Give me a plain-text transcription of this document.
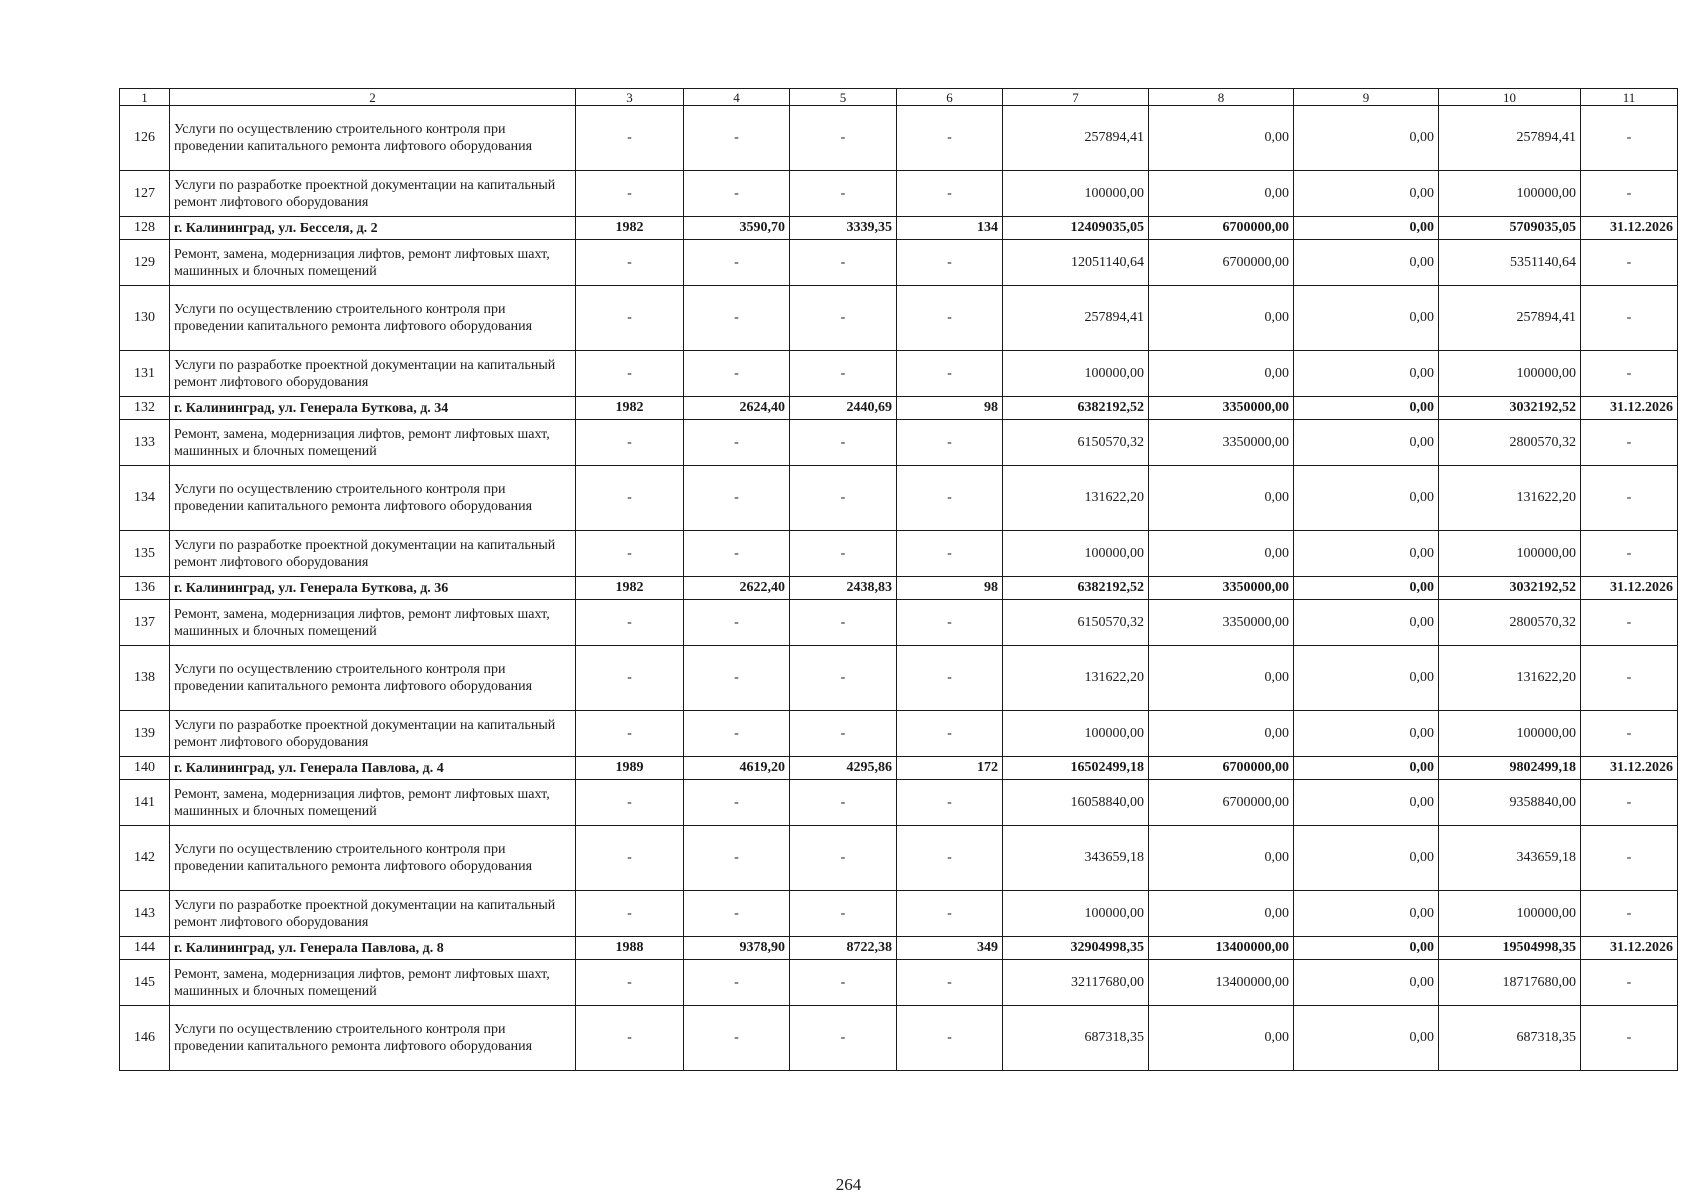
1	2	3	4	5	6	7	8	9	10	11
126	Услуги по осуществлению строительного контроля при проведении капитального ремонта лифтового оборудования	-	-	-	-	257894,41	0,00	0,00	257894,41	-
127	Услуги по разработке проектной документации на капитальный ремонт лифтового оборудования	-	-	-	-	100000,00	0,00	0,00	100000,00	-
128	г. Калининград, ул. Бесселя, д. 2	1982	3590,70	3339,35	134	12409035,05	6700000,00	0,00	5709035,05	31.12.2026
129	Ремонт, замена, модернизация лифтов, ремонт лифтовых шахт, машинных и блочных помещений	-	-	-	-	12051140,64	6700000,00	0,00	5351140,64	-
130	Услуги по осуществлению строительного контроля при проведении капитального ремонта лифтового оборудования	-	-	-	-	257894,41	0,00	0,00	257894,41	-
131	Услуги по разработке проектной документации на капитальный ремонт лифтового оборудования	-	-	-	-	100000,00	0,00	0,00	100000,00	-
132	г. Калининград, ул. Генерала Буткова, д. 34	1982	2624,40	2440,69	98	6382192,52	3350000,00	0,00	3032192,52	31.12.2026
133	Ремонт, замена, модернизация лифтов, ремонт лифтовых шахт, машинных и блочных помещений	-	-	-	-	6150570,32	3350000,00	0,00	2800570,32	-
134	Услуги по осуществлению строительного контроля при проведении капитального ремонта лифтового оборудования	-	-	-	-	131622,20	0,00	0,00	131622,20	-
135	Услуги по разработке проектной документации на капитальный ремонт лифтового оборудования	-	-	-	-	100000,00	0,00	0,00	100000,00	-
136	г. Калининград, ул. Генерала Буткова, д. 36	1982	2622,40	2438,83	98	6382192,52	3350000,00	0,00	3032192,52	31.12.2026
137	Ремонт, замена, модернизация лифтов, ремонт лифтовых шахт, машинных и блочных помещений	-	-	-	-	6150570,32	3350000,00	0,00	2800570,32	-
138	Услуги по осуществлению строительного контроля при проведении капитального ремонта лифтового оборудования	-	-	-	-	131622,20	0,00	0,00	131622,20	-
139	Услуги по разработке проектной документации на капитальный ремонт лифтового оборудования	-	-	-	-	100000,00	0,00	0,00	100000,00	-
140	г. Калининград, ул. Генерала Павлова, д. 4	1989	4619,20	4295,86	172	16502499,18	6700000,00	0,00	9802499,18	31.12.2026
141	Ремонт, замена, модернизация лифтов, ремонт лифтовых шахт, машинных и блочных помещений	-	-	-	-	16058840,00	6700000,00	0,00	9358840,00	-
142	Услуги по осуществлению строительного контроля при проведении капитального ремонта лифтового оборудования	-	-	-	-	343659,18	0,00	0,00	343659,18	-
143	Услуги по разработке проектной документации на капитальный ремонт лифтового оборудования	-	-	-	-	100000,00	0,00	0,00	100000,00	-
144	г. Калининград, ул. Генерала Павлова, д. 8	1988	9378,90	8722,38	349	32904998,35	13400000,00	0,00	19504998,35	31.12.2026
145	Ремонт, замена, модернизация лифтов, ремонт лифтовых шахт, машинных и блочных помещений	-	-	-	-	32117680,00	13400000,00	0,00	18717680,00	-
146	Услуги по осуществлению строительного контроля при проведении капитального ремонта лифтового оборудования	-	-	-	-	687318,35	0,00	0,00	687318,35	-
264
